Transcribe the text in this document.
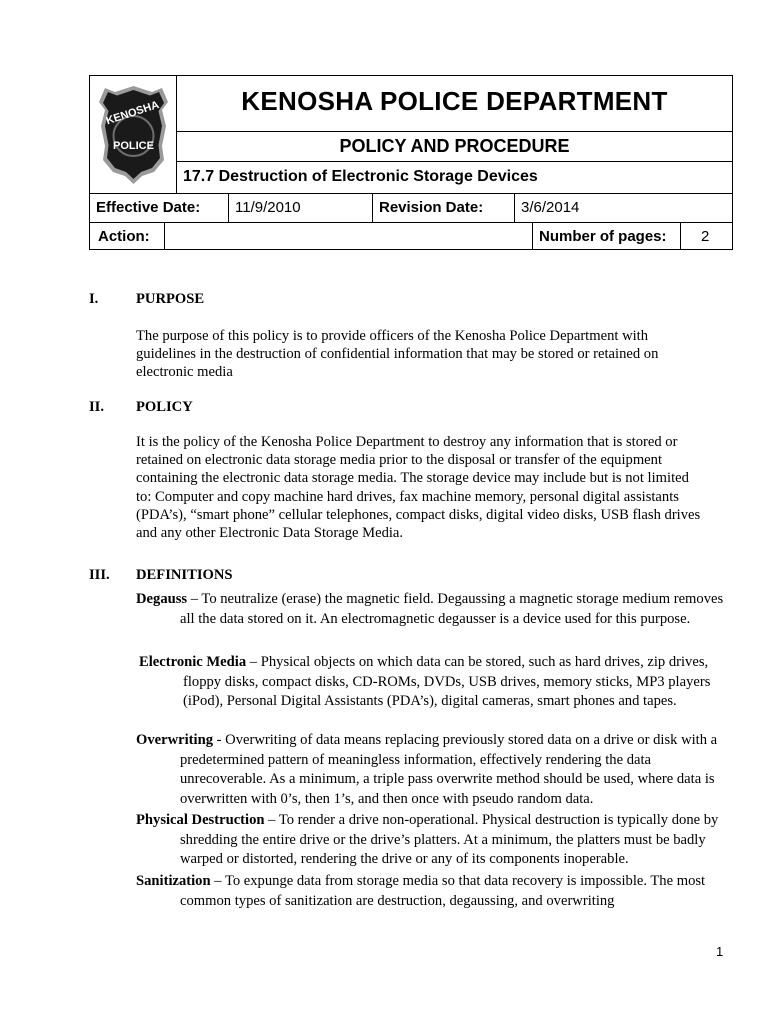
KENOSHA
POLICE
KENOSHA POLICE DEPARTMENT
POLICY AND PROCEDURE
17.7 Destruction of Electronic Storage Devices
Effective Date:	11/9/2010	Revision Date:	3/6/2014
Action:	Number of pages:	2
I.	PURPOSE
The purpose of this policy is to provide officers of the Kenosha Police Department with
guidelines in the destruction of confidential information that may be stored or retained on
electronic media
II. POLICY
It is the policy of the Kenosha Police Department to destroy any information that is stored or
retained on electronic data storage media prior to the disposal or transfer of the equipment
containing the electronic data storage media. The storage device may include but is not limited
to: Computer and copy machine hard drives, fax machine memory, personal digital assistants
(PDA’s), “smart phone” cellular telephones, compact disks, digital video disks, USB flash drives
and any other Electronic Data Storage Media.
III. DEFINITIONS
Degauss – To neutralize (erase) the magnetic field. Degaussing a magnetic storage medium removes all the data stored on it. An electromagnetic degausser is a device used for this purpose.
Electronic Media – Physical objects on which data can be stored, such as hard drives, zip drives, floppy disks, compact disks, CD-ROMs, DVDs, USB drives, memory sticks, MP3 players (iPod), Personal Digital Assistants (PDA’s), digital cameras, smart phones and tapes.
Overwriting - Overwriting of data means replacing previously stored data on a drive or disk with a predetermined pattern of meaningless information, effectively rendering the data unrecoverable. As a minimum, a triple pass overwrite method should be used, where data is overwritten with 0’s, then 1’s, and then once with pseudo random data.
Physical Destruction – To render a drive non-operational. Physical destruction is typically done by shredding the entire drive or the drive’s platters. At a minimum, the platters must be badly warped or distorted, rendering the drive or any of its components inoperable.
Sanitization – To expunge data from storage media so that data recovery is impossible. The most common types of sanitization are destruction, degaussing, and overwriting
1
